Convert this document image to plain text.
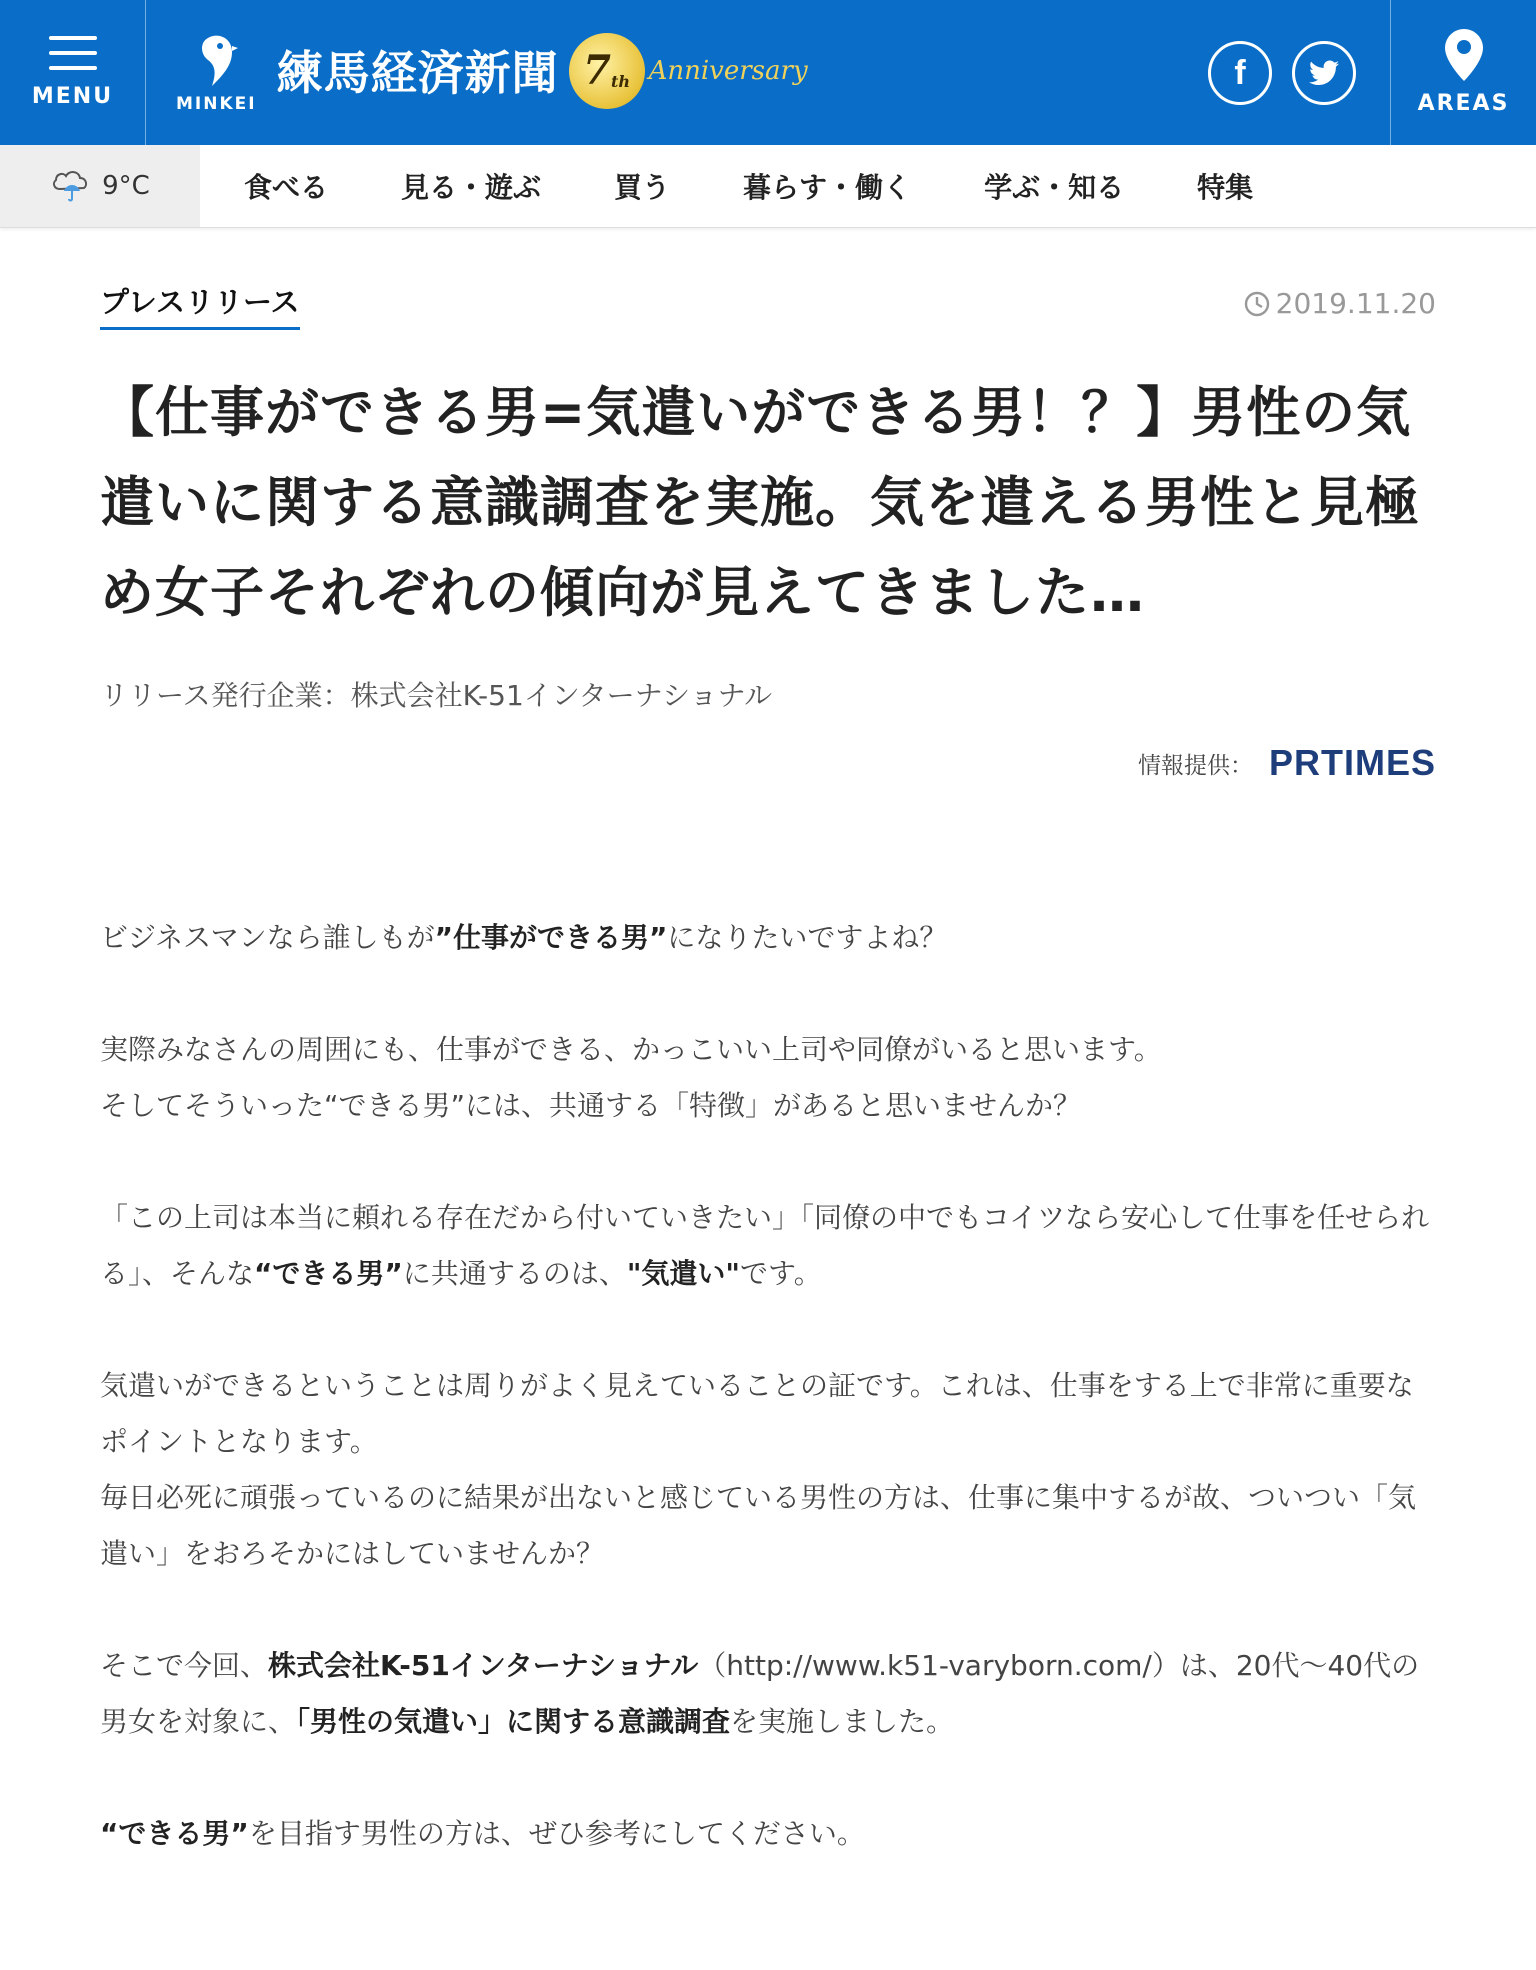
MENU	MINKEI
練馬経済新聞 7 th Anniversary	f
AREAS
9°C	食べる	見る・遊ぶ	買う	暮らす・働く	学ぶ・知る	特集
プレスリリース	2019.11.20
【仕事ができる男=気遣いができる男！？】男性の気遣いに関する意識調査を実施。気を遣える男性と見極め女子それぞれの傾向が見えてきました…
リリース発行企業：株式会社K-51インターナショナル
情報提供： PRTIMES

ビジネスマンなら誰しもが”仕事ができる男”になりたいですよね？

実際みなさんの周囲にも、仕事ができる、かっこいい上司や同僚がいると思います。
そしてそういった“できる男”には、共通する「特徴」があると思いませんか？

「この上司は本当に頼れる存在だから付いていきたい」「同僚の中でもコイツなら安心して仕事を任せられる」、そんな“できる男”に共通するのは、"気遣い"です。

気遣いができるということは周りがよく見えていることの証です。これは、仕事をする上で非常に重要なポイントとなります。
毎日必死に頑張っているのに結果が出ないと感じている男性の方は、仕事に集中するが故、ついつい「気遣い」をおろそかにはしていませんか？

そこで今回、株式会社K-51インターナショナル（http://www.k51-varyborn.com/）は、20代〜40代の男女を対象に、「男性の気遣い」に関する意識調査を実施しました。

“できる男”を目指す男性の方は、ぜひ参考にしてください。
